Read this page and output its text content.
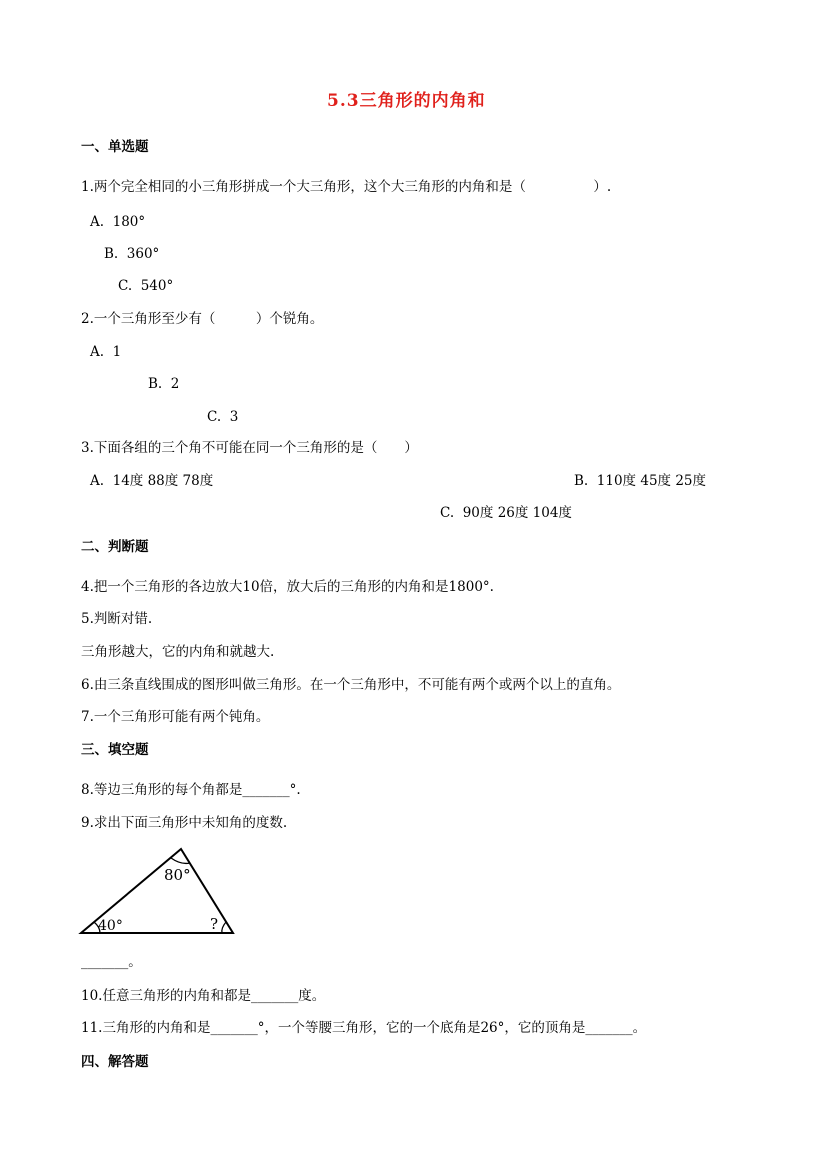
5.3三角形的内角和
一、单选题
1.两个完全相同的小三角形拼成一个大三角形，这个大三角形的内角和是（　　　　　）.
A.  180°
B.  360°
C.  540°
2.一个三角形至少有（　　　）个锐角。
A.  1
B.  2
C.  3
3.下面各组的三个角不可能在同一个三角形的是（　　）
A.  14度 88度 78度	B.  110度 45度 25度
C.  90度 26度 104度
二、判断题
4.把一个三角形的各边放大10倍，放大后的三角形的内角和是1800°.
5.判断对错.
三角形越大，它的内角和就越大.
6.由三条直线围成的图形叫做三角形。在一个三角形中，不可能有两个或两个以上的直角。
7.一个三角形可能有两个钝角。
三、填空题
8.等边三角形的每个角都是_______°.
9.求出下面三角形中未知角的度数.
80°
40°	?
_______。
10.任意三角形的内角和都是_______度。
11.三角形的内角和是_______°，一个等腰三角形，它的一个底角是26°，它的顶角是_______。
四、解答题
